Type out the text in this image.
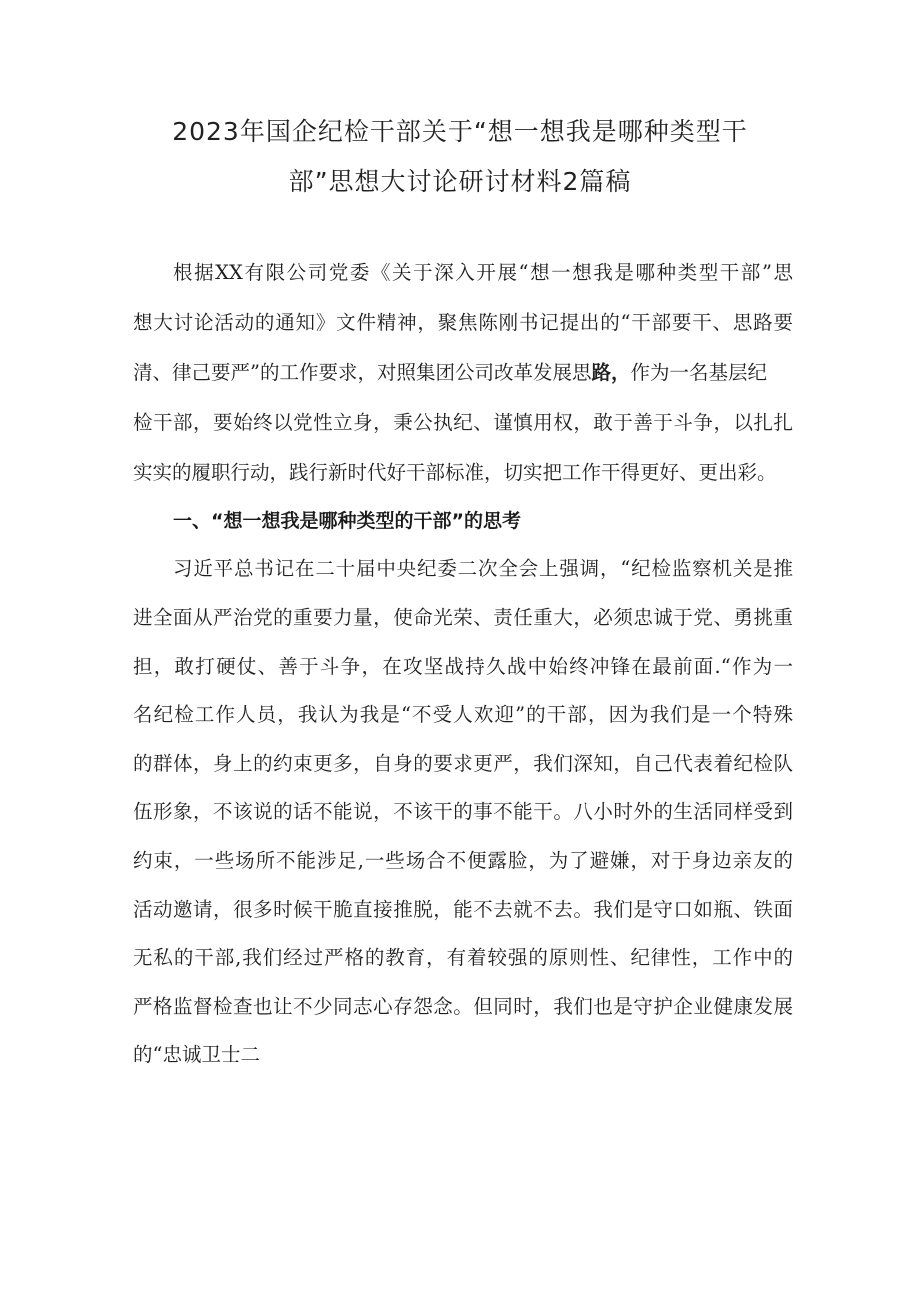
2023年国企纪检干部关于“想一想我是哪种类型干
部”思想大讨论研讨材料2篇稿

根据XX有限公司党委《关于深入开展“想一想我是哪种类型干部”思

想大讨论活动的通知》文件精神，聚焦陈刚书记提出的“干部要干、思路要

清、律己要严”的工作要求，对照集团公司改革发展思路，作为一名基层纪

检干部，要始终以党性立身，秉公执纪、谨慎用权，敢于善于斗争，以扎扎

实实的履职行动，践行新时代好干部标准，切实把工作干得更好、更出彩。

一、“想一想我是哪种类型的干部”的思考

习近平总书记在二十届中央纪委二次全会上强调，“纪检监察机关是推

进全面从严治党的重要力量，使命光荣、责任重大，必须忠诚于党、勇挑重

担，敢打硬仗、善于斗争，在攻坚战持久战中始终冲锋在最前面.“作为一

名纪检工作人员，我认为我是“不受人欢迎”的干部，因为我们是一个特殊

的群体，身上的约束更多，自身的要求更严，我们深知，自己代表着纪检队

伍形象，不该说的话不能说，不该干的事不能干。八小时外的生活同样受到

约束，一些场所不能涉足,一些场合不便露脸，为了避嫌，对于身边亲友的

活动邀请，很多时候干脆直接推脱，能不去就不去。我们是守口如瓶、铁面

无私的干部,我们经过严格的教育，有着较强的原则性、纪律性，工作中的

严格监督检查也让不少同志心存怨念。但同时，我们也是守护企业健康发展

的“忠诚卫士二
